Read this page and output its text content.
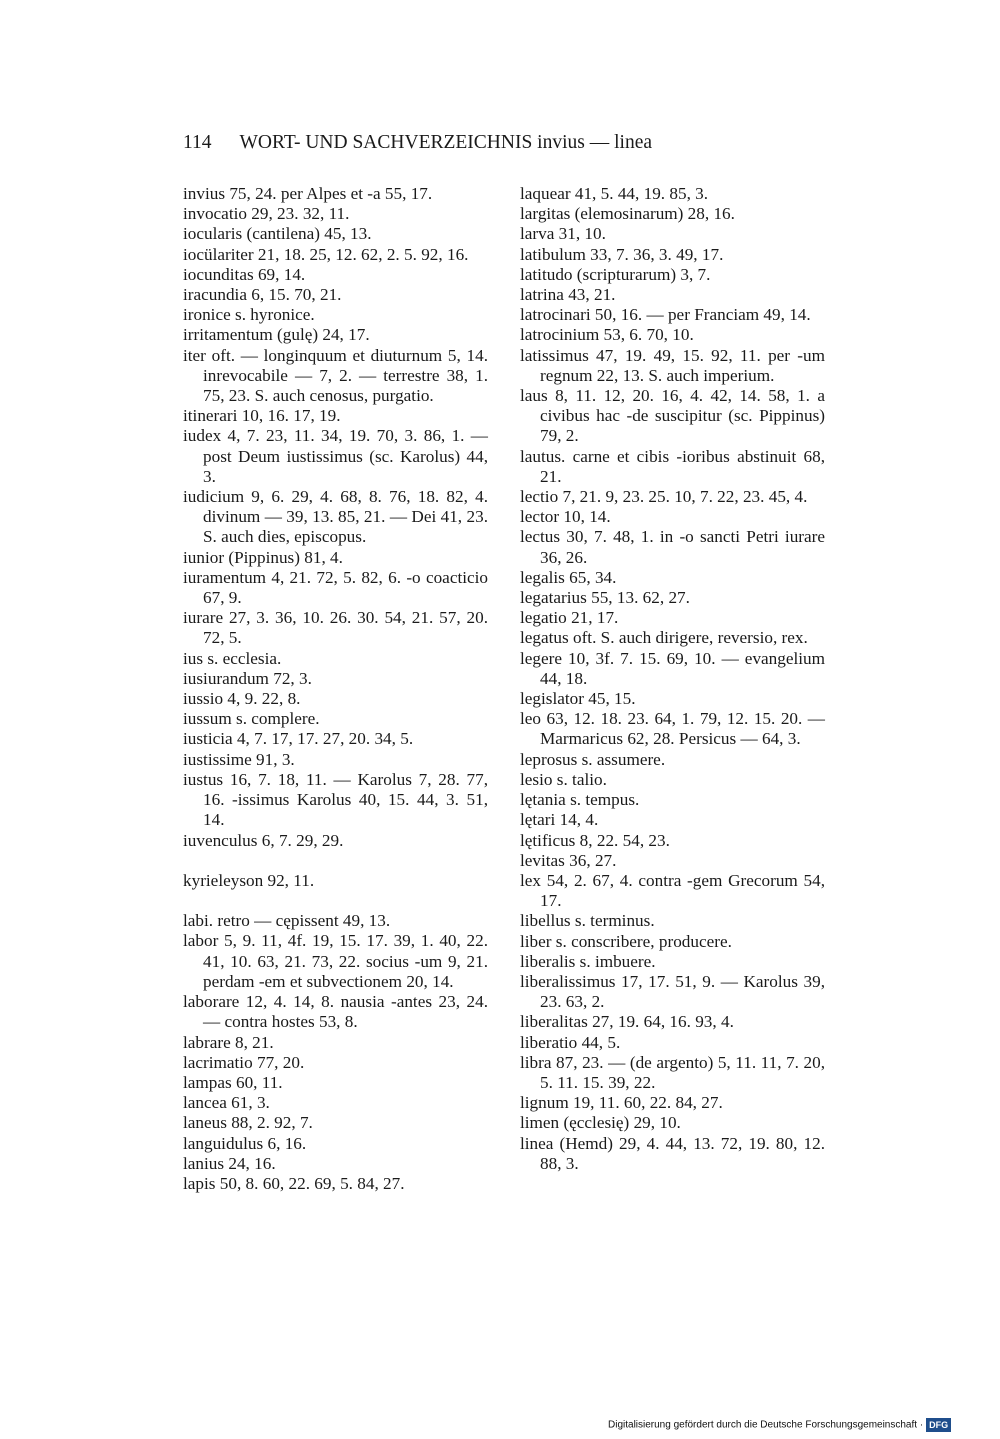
114 WORT- UND SACHVERZEICHNIS invius — linea

invius 75, 24. per Alpes et -a 55, 17.

invocatio 29, 23. 32, 11.

iocularis (cantilena) 45, 13.

iocülariter 21, 18. 25, 12. 62, 2. 5. 92, 16.

iocunditas 69, 14.

iracundia 6, 15. 70, 21.

ironice s. hyronice.

irritamentum (gulę) 24, 17.

iter oft. — longinquum et diuturnum 5, 14. inrevocabile — 7, 2. — terrestre 38, 1. 75, 23. S. auch cenosus, purgatio.

itinerari 10, 16. 17, 19.

iudex 4, 7. 23, 11. 34, 19. 70, 3. 86, 1. — post Deum iustissimus (sc. Karolus) 44, 3.

iudicium 9, 6. 29, 4. 68, 8. 76, 18. 82, 4. divinum — 39, 13. 85, 21. — Dei 41, 23. S. auch dies, episcopus.

iunior (Pippinus) 81, 4.

iuramentum 4, 21. 72, 5. 82, 6. -o coacticio 67, 9.

iurare 27, 3. 36, 10. 26. 30. 54, 21. 57, 20. 72, 5.

ius s. ecclesia.

iusiurandum 72, 3.

iussio 4, 9. 22, 8.

iussum s. complere.

iusticia 4, 7. 17, 17. 27, 20. 34, 5.

iustissime 91, 3.

iustus 16, 7. 18, 11. — Karolus 7, 28. 77, 16. -issimus Karolus 40, 15. 44, 3. 51, 14.

iuvenculus 6, 7. 29, 29.

kyrieleyson 92, 11.

labi. retro — cępissent 49, 13.

labor 5, 9. 11, 4f. 19, 15. 17. 39, 1. 40, 22. 41, 10. 63, 21. 73, 22. socius -um 9, 21. perdam -em et subvectionem 20, 14.

laborare 12, 4. 14, 8. nausia -antes 23, 24. — contra hostes 53, 8.

labrare 8, 21.

lacrimatio 77, 20.

lampas 60, 11.

lancea 61, 3.

laneus 88, 2. 92, 7.

languidulus 6, 16.

lanius 24, 16.

lapis 50, 8. 60, 22. 69, 5. 84, 27.

laquear 41, 5. 44, 19. 85, 3.

largitas (elemosinarum) 28, 16.

larva 31, 10.

latibulum 33, 7. 36, 3. 49, 17.

latitudo (scripturarum) 3, 7.

latrina 43, 21.

latrocinari 50, 16. — per Franciam 49, 14.

latrocinium 53, 6. 70, 10.

latissimus 47, 19. 49, 15. 92, 11. per -um regnum 22, 13. S. auch imperium.

laus 8, 11. 12, 20. 16, 4. 42, 14. 58, 1. a civibus hac -de suscipitur (sc. Pippinus) 79, 2.

lautus. carne et cibis -ioribus abstinuit 68, 21.

lectio 7, 21. 9, 23. 25. 10, 7. 22, 23. 45, 4.

lector 10, 14.

lectus 30, 7. 48, 1. in -o sancti Petri iurare 36, 26.

legalis 65, 34.

legatarius 55, 13. 62, 27.

legatio 21, 17.

legatus oft. S. auch dirigere, reversio, rex.

legere 10, 3f. 7. 15. 69, 10. — evangelium 44, 18.

legislator 45, 15.

leo 63, 12. 18. 23. 64, 1. 79, 12. 15. 20. — Marmaricus 62, 28. Persicus — 64, 3.

leprosus s. assumere.

lesio s. talio.

lętania s. tempus.

lętari 14, 4.

lętificus 8, 22. 54, 23.

levitas 36, 27.

lex 54, 2. 67, 4. contra -gem Grecorum 54, 17.

libellus s. terminus.

liber s. conscribere, producere.

liberalis s. imbuere.

liberalissimus 17, 17. 51, 9. — Karolus 39, 23. 63, 2.

liberalitas 27, 19. 64, 16. 93, 4.

liberatio 44, 5.

libra 87, 23. — (de argento) 5, 11. 11, 7. 20, 5. 11. 15. 39, 22.

lignum 19, 11. 60, 22. 84, 27.

limen (ęcclesię) 29, 10.

linea (Hemd) 29, 4. 44, 13. 72, 19. 80, 12. 88, 3.

Digitalisierung gefördert durch die Deutsche Forschungsgemeinschaft · DFG
